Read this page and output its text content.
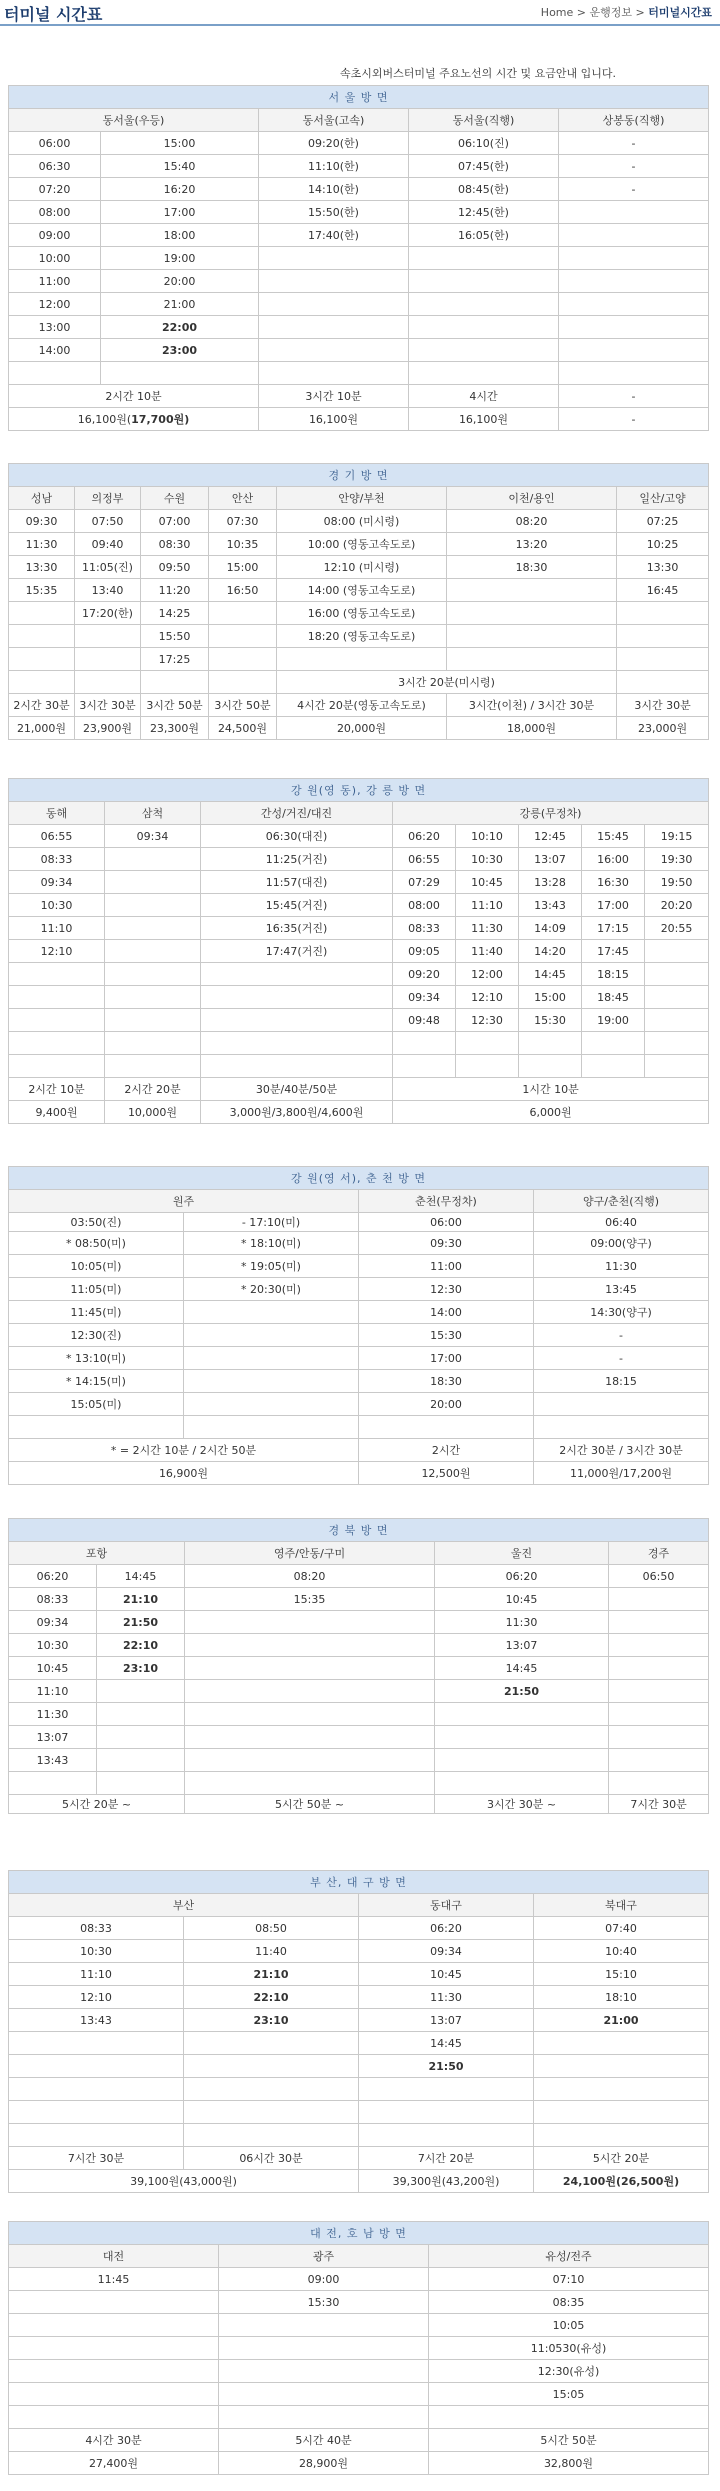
터미널 시간표	Home > 운행정보 > 터미널시간표
속초시외버스터미널 주요노선의 시간 및 요금안내 입니다.
서 울 방 면				
동서울(우등)		동서울(고속)	동서울(직행)	상봉동(직행)
06:00	15:00	09:20(한)	06:10(진)	-
06:30	15:40	11:10(한)	07:45(한)	-
07:20	16:20	14:10(한)	08:45(한)	-
08:00	17:00	15:50(한)	12:45(한)	
09:00	18:00	17:40(한)	16:05(한)	
10:00	19:00			
11:00	20:00			
12:00	21:00			
13:00	22:00			
14:00	23:00			

2시간 10분		3시간 10분	4시간	-
16,100원(17,700원)		16,100원	16,100원	-
경 기 방 면						
성남	의정부	수원	안산	안양/부천	이천/용인	일산/고양
09:30	07:50	07:00	07:30	08:00 (미시령)	08:20	07:25
11:30	09:40	08:30	10:35	10:00 (영동고속도로)	13:20	10:25
13:30	11:05(진)	09:50	15:00	12:10 (미시령)	18:30	13:30
15:35	13:40	11:20	16:50	14:00 (영동고속도로)		16:45
	17:20(한)	14:25		16:00 (영동고속도로)		
		15:50		18:20 (영동고속도로)		
		17:25				
				3시간 20분(미시령)		
2시간 30분	3시간 30분	3시간 50분	3시간 50분	4시간 20분(영동고속도로)	3시간(이천) / 3시간 30분	3시간 30분
21,000원	23,900원	23,300원	24,500원	20,000원	18,000원	23,000원
강 원(영 동), 강 릉 방 면							
동해	삼척	간성/거진/대진	강릉(무정차)				
06:55	09:34	06:30(대진)	06:20	10:10	12:45	15:45	19:15
08:33		11:25(거진)	06:55	10:30	13:07	16:00	19:30
09:34		11:57(대진)	07:29	10:45	13:28	16:30	19:50
10:30		15:45(거진)	08:00	11:10	13:43	17:00	20:20
11:10		16:35(거진)	08:33	11:30	14:09	17:15	20:55
12:10		17:47(거진)	09:05	11:40	14:20	17:45	
			09:20	12:00	14:45	18:15	
			09:34	12:10	15:00	18:45	
			09:48	12:30	15:30	19:00	

2시간 10분	2시간 20분	30분/40분/50분	1시간 10분				
9,400원	10,000원	3,000원/3,800원/4,600원	6,000원				
강 원(영 서), 춘 천 방 면			
원주		춘천(무정차)	양구/춘천(직행)
03:50(진)	- 17:10(미)	06:00	06:40
* 08:50(미)	* 18:10(미)	09:30	09:00(양구)
10:05(미)	* 19:05(미)	11:00	11:30
11:05(미)	* 20:30(미)	12:30	13:45
11:45(미)		14:00	14:30(양구)
12:30(진)		15:30	-
* 13:10(미)		17:00	-
* 14:15(미)		18:30	18:15
15:05(미)		20:00	

* = 2시간 10분 / 2시간 50분		2시간	2시간 30분 / 3시간 30분
16,900원		12,500원	11,000원/17,200원
경 북 방 면				
포항		영주/안동/구미	울진	경주
06:20	14:45	08:20	06:20	06:50
08:33	21:10	15:35	10:45	
09:34	21:50		11:30	
10:30	22:10		13:07	
10:45	23:10		14:45	
11:10			21:50	
11:30				
13:07				
13:43				

5시간 20분 ~		5시간 50분 ~	3시간 30분 ~	7시간 30분
부 산, 대 구 방 면			
부산		동대구	북대구
08:33	08:50	06:20	07:40
10:30	11:40	09:34	10:40
11:10	21:10	10:45	15:10
12:10	22:10	11:30	18:10
13:43	23:10	13:07	21:00
		14:45	
		21:50	

7시간 30분	06시간 30분	7시간 20분	5시간 20분
39,100원(43,000원)		39,300원(43,200원)	24,100원(26,500원)
대 전, 호 남 방 면		
대전	광주	유성/전주
11:45	09:00	07:10
	15:30	08:35
		10:05
		11:0530(유성)
		12:30(유성)
		15:05

4시간 30분	5시간 40분	5시간 50분
27,400원	28,900원	32,800원
